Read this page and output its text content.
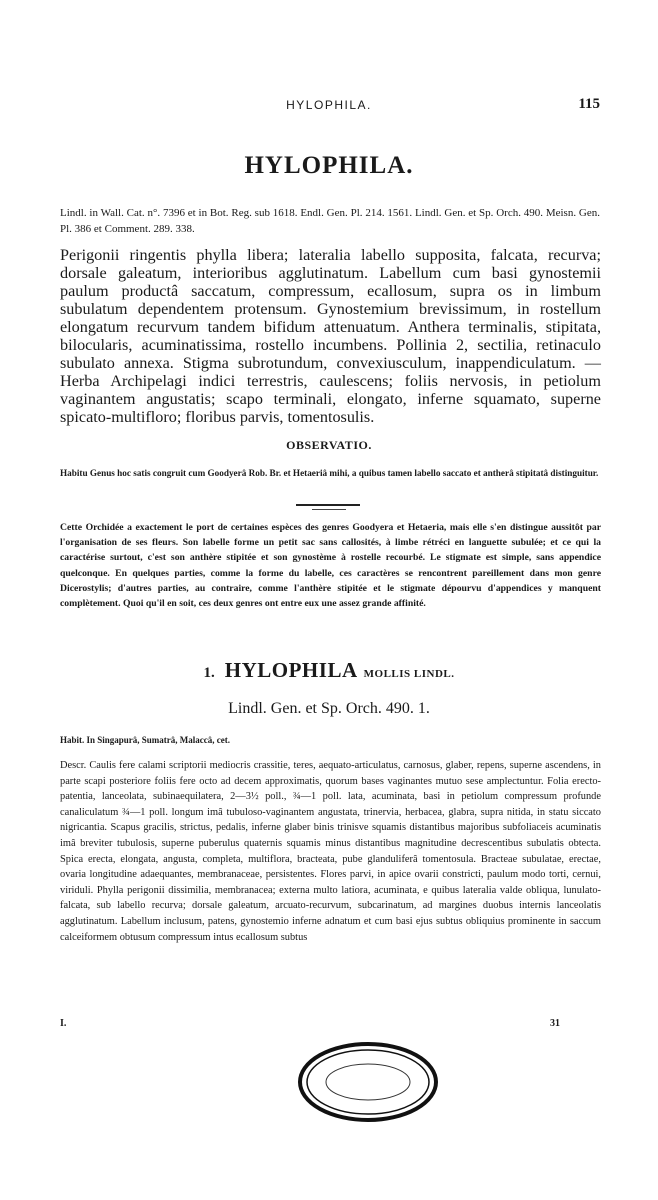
HYLOPHILA.	115
HYLOPHILA.
Lindl. in Wall. Cat. n°. 7396 et in Bot. Reg. sub 1618. Endl. Gen. Pl. 214. 1561. Lindl. Gen. et Sp. Orch. 490. Meisn. Gen. Pl. 386 et Comment. 289. 338.
Perigonii ringentis phylla libera; lateralia labello supposita, falcata, recurva; dorsale galeatum, interioribus agglutinatum. Labellum cum basi gynostemii paulum productâ saccatum, compressum, ecallosum, supra os in limbum subulatum dependentem protensum. Gynostemium brevissimum, in rostellum elongatum recurvum tandem bifidum attenuatum. Anthera terminalis, stipitata, bilocularis, acuminatissima, rostello incumbens. Pollinia 2, sectilia, retinaculo subulato annexa. Stigma subrotundum, convexiusculum, inappendiculatum. — Herba Archipelagi indici terrestris, caulescens; foliis nervosis, in petiolum vaginantem angustatis; scapo terminali, elongato, inferne squamato, superne spicato-multifloro; floribus parvis, tomentosulis.
OBSERVATIO.
Habitu Genus hoc satis congruit cum Goodyerâ Rob. Br. et Hetaeriâ mihi, a quibus tamen labello saccato et antherâ stipitatâ distinguitur.
Cette Orchidée a exactement le port de certaines espèces des genres Goodyera et Hetaeria, mais elle s'en distingue aussitôt par l'organisation de ses fleurs. Son labelle forme un petit sac sans callosités, à limbe rétréci en languette subulée; et ce qui la caractérise surtout, c'est son anthère stipitée et son gynostème à rostelle recourbé. Le stigmate est simple, sans appendice quelconque. En quelques parties, comme la forme du labelle, ces caractères se rencontrent pareillement dans mon genre Dicerostylis; d'autres parties, au contraire, comme l'anthère stipitée et le stigmate dépourvu d'appendices y manquent complètement. Quoi qu'il en soit, ces deux genres ont entre eux une assez grande affinité.
1. HYLOPHILA MOLLIS LINDL.
Lindl. Gen. et Sp. Orch. 490. 1.
Habit. In Singapurâ, Sumatrâ, Malaccâ, cet.
Descr. Caulis fere calami scriptorii mediocris crassitie, teres, aequato-articulatus, carnosus, glaber, repens, superne ascendens, in parte scapi posteriore foliis fere octo ad decem approximatis, quorum bases vaginantes mutuo sese amplectuntur. Folia erecto-patentia, lanceolata, subinaequilatera, 2—3½ poll., ¾—1 poll. lata, acuminata, basi in petiolum compressum profunde canaliculatum ¾—1 poll. longum imâ tubuloso-vaginantem angustata, trinervia, herbacea, glabra, supra nitida, in statu siccato nigricantia. Scapus gracilis, strictus, pedalis, inferne glaber binis trinisve squamis distantibus majoribus subfoliaceis acuminatis imâ breviter tubulosis, superne puberulus quaternis squamis minus distantibus magnitudine decrescentibus subulatis obtecta. Spica erecta, elongata, angusta, completa, multiflora, bracteata, pube glanduliferâ tomentosula. Bracteae subulatae, erectae, ovaria longitudine adaequantes, membranaceae, persistentes. Flores parvi, in apice ovarii constricti, paulum modo torti, cernui, viriduli. Phylla perigonii dissimilia, membranacea; externa multo latiora, acuminata, e quibus lateralia valde obliqua, lunulato-falcata, sub labello recurva; dorsale galeatum, arcuato-recurvum, subcarinatum, ad margines duobus internis lanceolatis agglutinatum. Labellum inclusum, patens, gynostemio inferne adnatum et cum basi ejus subtus obliquius prominente in saccum calceiformem obtusum compressum intus ecallosum subtus
I.	31
